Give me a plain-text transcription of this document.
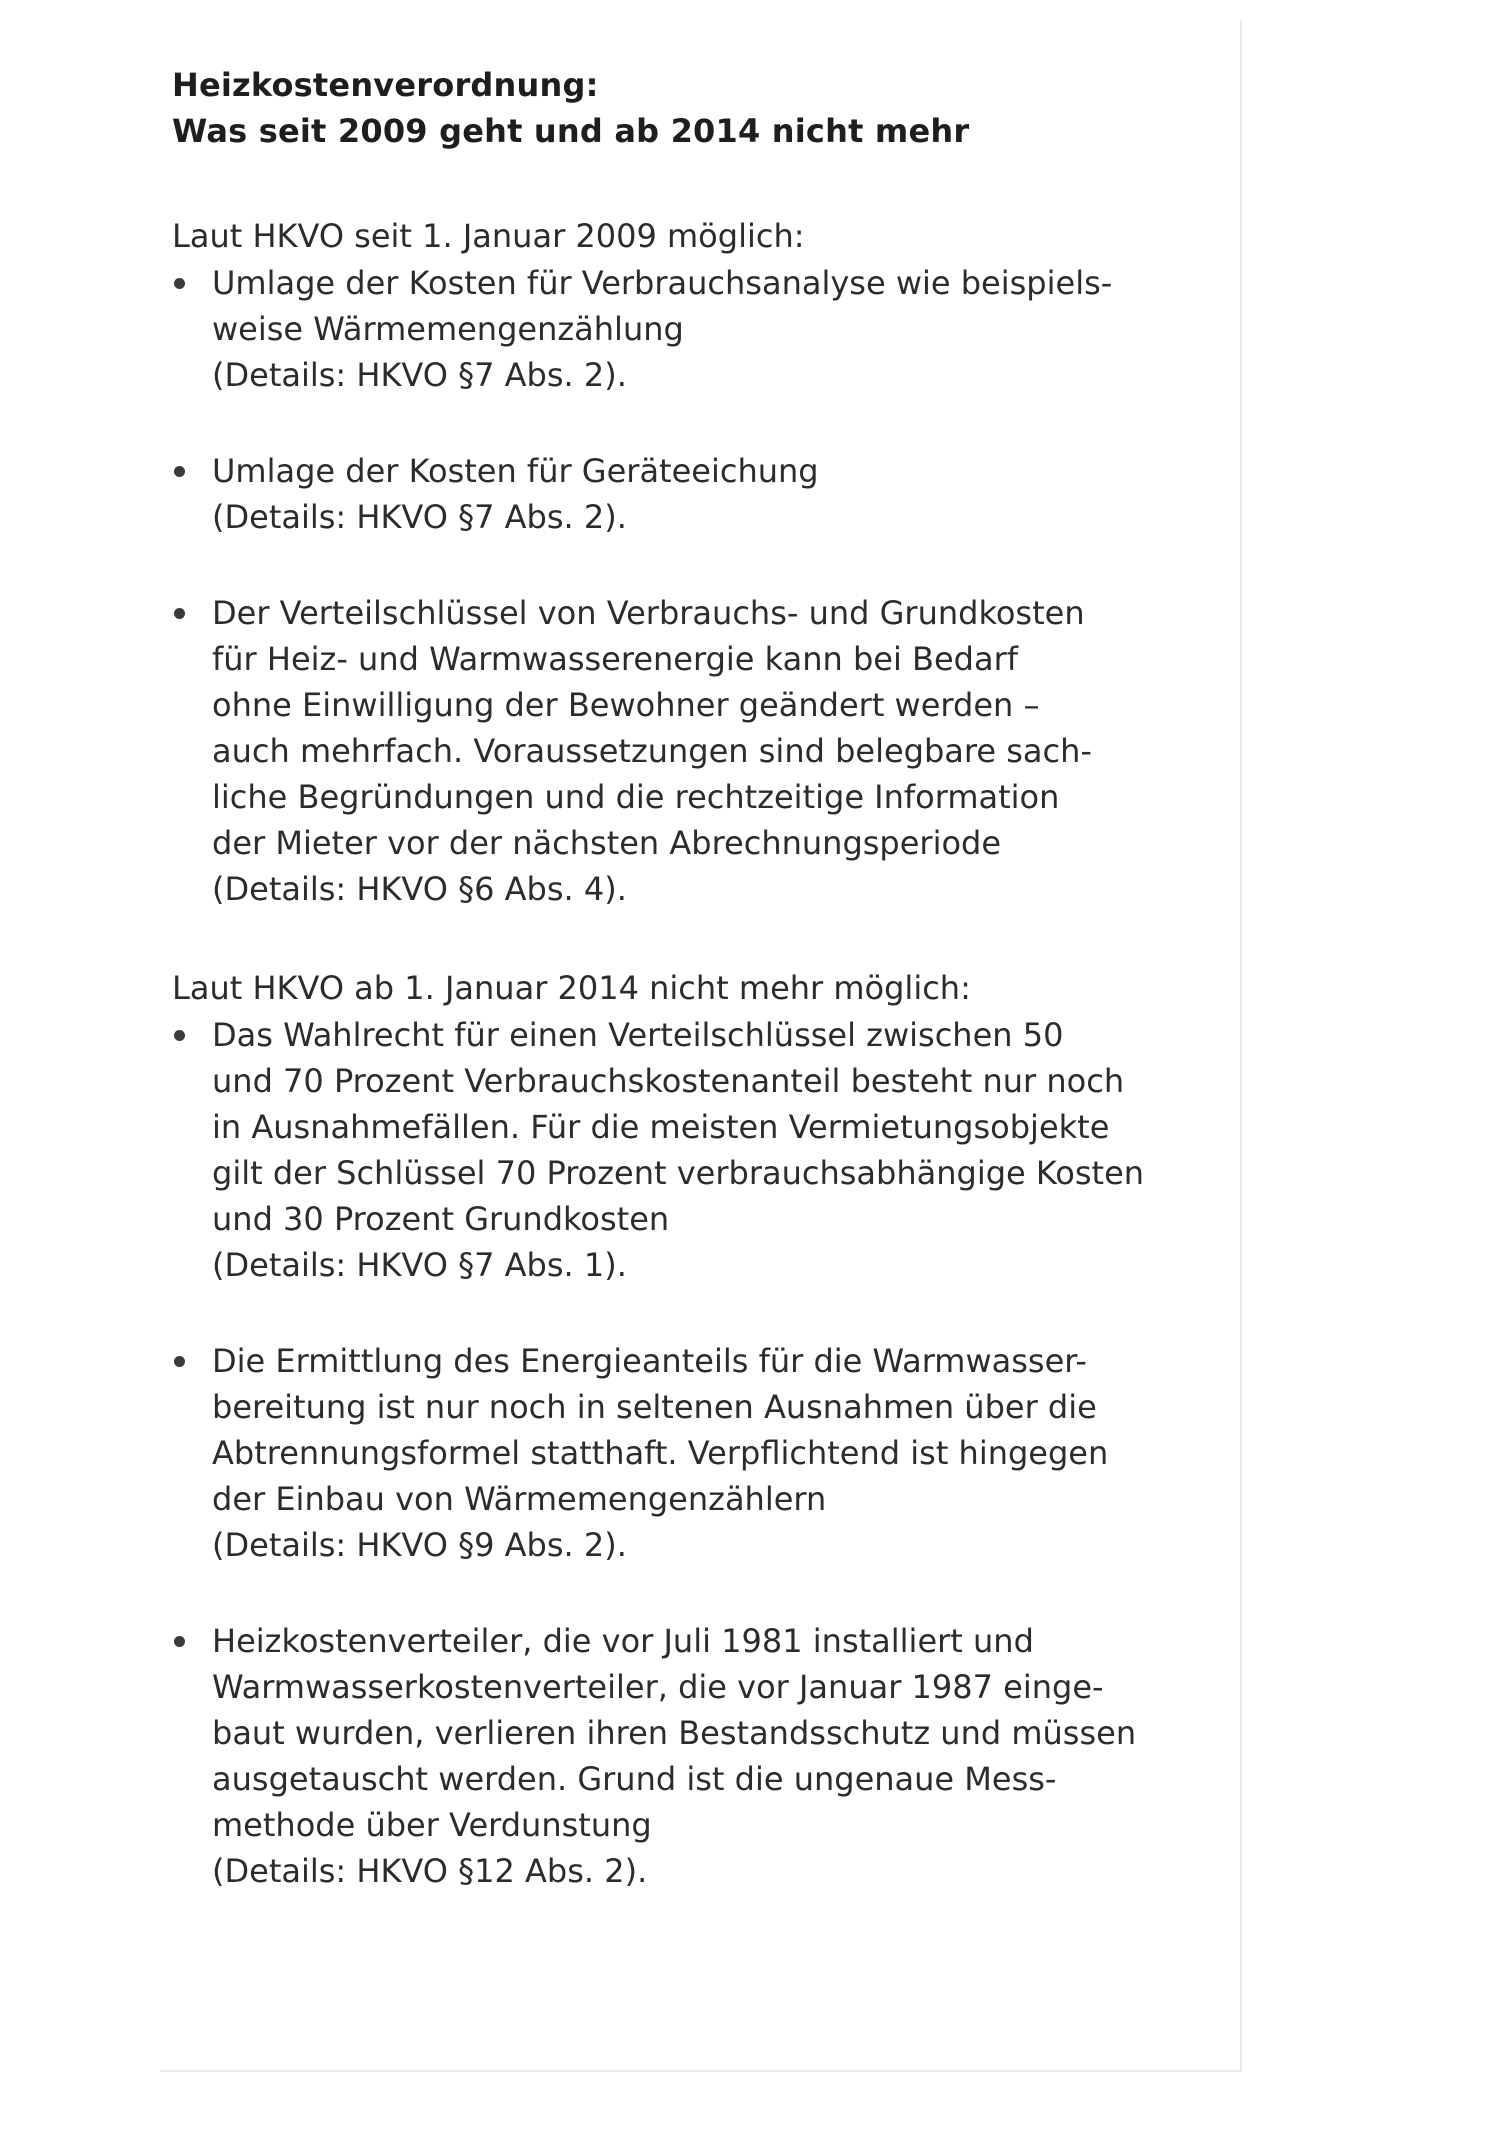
Heizkostenverordnung:
Was seit 2009 geht und ab 2014 nicht mehr
Laut HKVO seit 1. Januar 2009 möglich:
Umlage der Kosten für Verbrauchsanalyse wie beispiels-
weise Wärmemengenzählung
(Details: HKVO §7 Abs. 2).
Umlage der Kosten für Geräteeichung
(Details: HKVO §7 Abs. 2).
Der Verteilschlüssel von Verbrauchs- und Grundkosten
für Heiz- und Warmwasserenergie kann bei Bedarf
ohne Einwilligung der Bewohner geändert werden –
auch mehrfach. Voraussetzungen sind belegbare sach-
liche Begründungen und die rechtzeitige Information
der Mieter vor der nächsten Abrechnungsperiode
(Details: HKVO §6 Abs. 4).
Laut HKVO ab 1. Januar 2014 nicht mehr möglich:
Das Wahlrecht für einen Verteilschlüssel zwischen 50
und 70 Prozent Verbrauchskostenanteil besteht nur noch
in Ausnahmefällen. Für die meisten Vermietungsobjekte
gilt der Schlüssel 70 Prozent verbrauchsabhängige Kosten
und 30 Prozent Grundkosten
(Details: HKVO §7 Abs. 1).
Die Ermittlung des Energieanteils für die Warmwasser-
bereitung ist nur noch in seltenen Ausnahmen über die
Abtrennungsformel statthaft. Verpflichtend ist hingegen
der Einbau von Wärmemengenzählern
(Details: HKVO §9 Abs. 2).
Heizkostenverteiler, die vor Juli 1981 installiert und
Warmwasserkostenverteiler, die vor Januar 1987 einge-
baut wurden, verlieren ihren Bestandsschutz und müssen
ausgetauscht werden. Grund ist die ungenaue Mess-
methode über Verdunstung
(Details: HKVO §12 Abs. 2).
